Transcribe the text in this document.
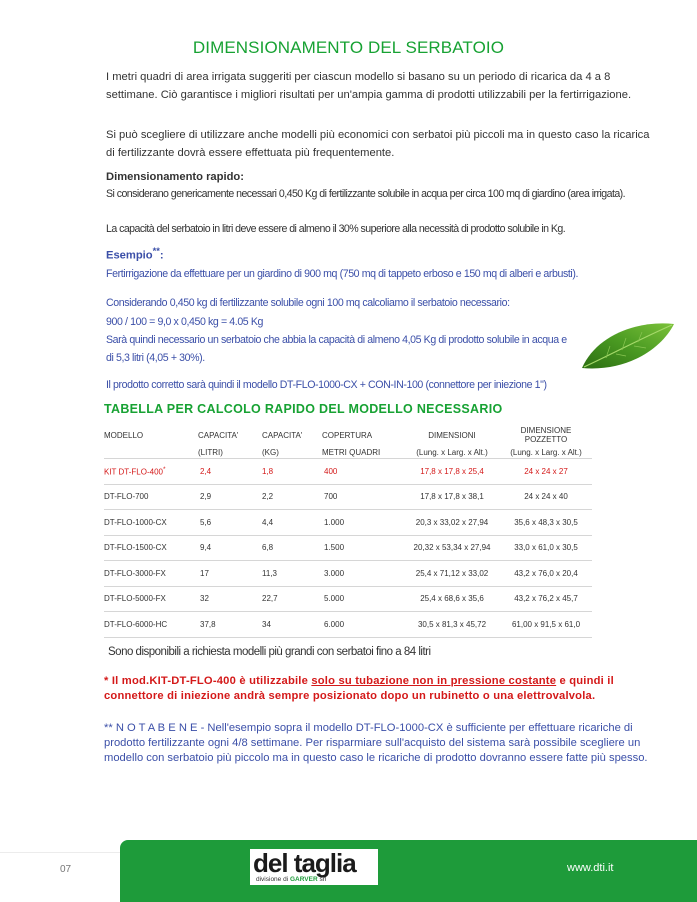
DIMENSIONAMENTO DEL SERBATOIO
I metri quadri di area irrigata suggeriti per ciascun modello si basano su un periodo di ricarica da 4 a 8 settimane. Ciò garantisce i migliori risultati per un'ampia gamma di prodotti utilizzabili per la fertirrigazione.
Si può scegliere di utilizzare anche modelli più economici con serbatoi più piccoli ma in questo caso la ricarica di fertilizzante dovrà essere effettuata più frequentemente.
Dimensionamento rapido:
Si considerano genericamente necessari 0,450 Kg di fertilizzante solubile in acqua per circa 100 mq di giardino (area irrigata).
La capacità del serbatoio in litri deve essere di almeno il 30% superiore alla necessità di prodotto solubile in Kg.
Esempio**:
Fertirrigazione da effettuare per un giardino di 900 mq (750 mq di tappeto erboso e 150 mq di alberi e arbusti).
Considerando 0,450 kg di fertilizzante solubile ogni 100 mq calcoliamo il serbatoio necessario:
900 / 100 = 9,0 x 0,450 kg = 4.05 Kg
Sarà quindi necessario un serbatoio che abbia la capacità di almeno 4,05 Kg di prodotto solubile in acqua e di 5,3 litri (4,05 + 30%).
Il prodotto corretto sarà quindi il modello DT-FLO-1000-CX + CON-IN-100 (connettore per iniezione 1")
TABELLA PER CALCOLO RAPIDO DEL MODELLO NECESSARIO
MODELLO	CAPACITA'	CAPACITA'	COPERTURA	DIMENSIONI	DIMENSIONE POZZETTO
	(LITRI)	(KG)	METRI QUADRI	(Lung. x Larg. x Alt.)	(Lung. x Larg. x Alt.)
KIT DT-FLO-400*	2,4	1,8	400	17,8 x 17,8 x 25,4	24 x 24 x 27
DT-FLO-700	2,9	2,2	700	17,8 x 17,8 x 38,1	24 x 24 x 40
DT-FLO-1000-CX	5,6	4,4	1.000	20,3 x 33,02 x 27,94	35,6 x 48,3 x 30,5
DT-FLO-1500-CX	9,4	6,8	1.500	20,32 x 53,34 x 27,94	33,0 x 61,0 x 30,5
DT-FLO-3000-FX	17	11,3	3.000	25,4 x 71,12 x 33,02	43,2 x 76,0 x 20,4
DT-FLO-5000-FX	32	22,7	5.000	25,4 x 68,6 x 35,6	43,2 x 76,2 x 45,7
DT-FLO-6000-HC	37,8	34	6.000	30,5 x 81,3 x 45,72	61,00 x 91,5 x 61,0
Sono disponibili a richiesta modelli più grandi con serbatoi fino a 84 litri
* Il mod.KIT-DT-FLO-400 è utilizzabile solo su tubazione non in pressione costante e quindi il connettore di iniezione andrà sempre posizionato dopo un rubinetto o una elettrovalvola.
** N O T A B E N E - Nell'esempio sopra il modello DT-FLO-1000-CX è sufficiente per effettuare ricariche di prodotto fertilizzante ogni 4/8 settimane. Per risparmiare sull'acquisto del sistema sarà possibile scegliere un modello con serbatoio più piccolo ma in questo caso le ricariche di prodotto dovranno essere fatte più spesso.
07	del taglia
divisione di GARVER srl
www.dti.it
